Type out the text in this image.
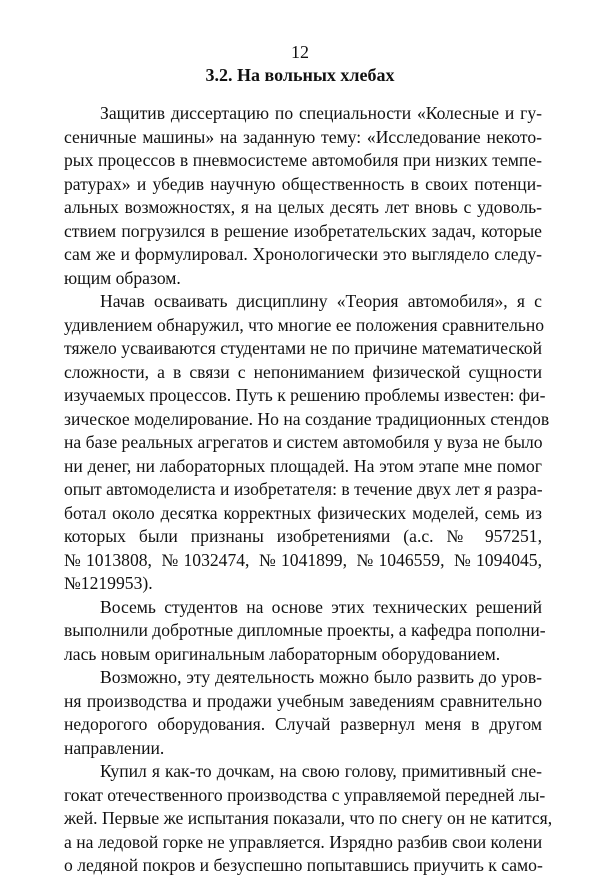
12
3.2. На вольных хлебах
Защитив диссертацию по специальности «Колесные и гу-
сеничные машины» на заданную тему: «Исследование некото-
рых процессов в пневмосистеме автомобиля при низких темпе-
ратурах» и убедив научную общественность в своих потенци-
альных возможностях, я на целых десять лет вновь с удоволь-
ствием погрузился в решение изобретательских задач, которые
сам же и формулировал. Хронологически это выглядело следу-
ющим образом.
Начав осваивать дисциплину «Теория автомобиля», я с
удивлением обнаружил, что многие ее положения сравнительно
тяжело усваиваются студентами не по причине математической
сложности, а в связи с непониманием физической сущности
изучаемых процессов. Путь к решению проблемы известен: фи-
зическое моделирование. Но на создание традиционных стендов
на базе реальных агрегатов и систем автомобиля у вуза не было
ни денег, ни лабораторных площадей. На этом этапе мне помог
опыт автомоделиста и изобретателя: в течение двух лет я разра-
ботал около десятка корректных физических моделей, семь из
которых были признаны изобретениями (а.с. № 957251,
№1013808, №1032474, №1041899, №1046559, №1094045,
№1219953).
Восемь студентов на основе этих технических решений
выполнили добротные дипломные проекты, а кафедра пополни-
лась новым оригинальным лабораторным оборудованием.
Возможно, эту деятельность можно было развить до уров-
ня производства и продажи учебным заведениям сравнительно
недорогого оборудования. Случай развернул меня в другом
направлении.
Купил я как-то дочкам, на свою голову, примитивный сне-
гокат отечественного производства с управляемой передней лы-
жей. Первые же испытания показали, что по снегу он не катится,
а на ледовой горке не управляется. Изрядно разбив свои колени
о ледяной покров и безуспешно попытавшись приучить к само-
